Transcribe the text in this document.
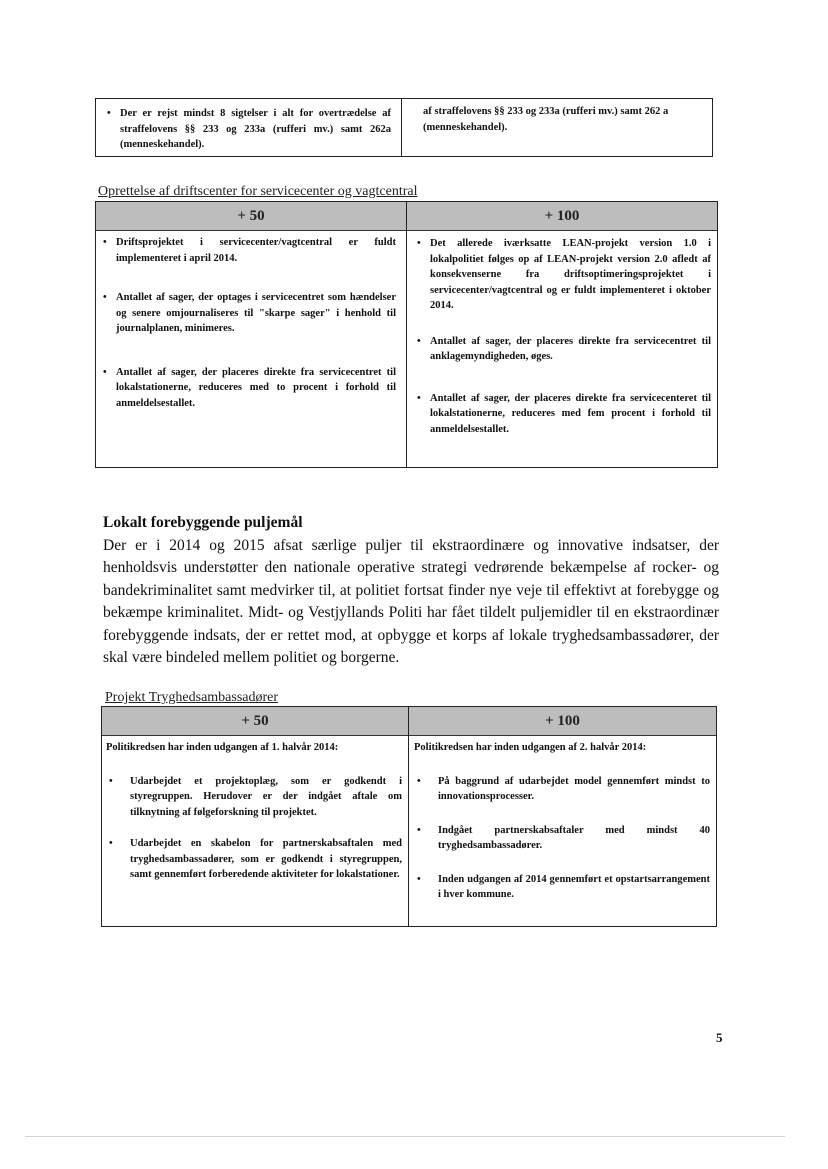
• Der er rejst mindst 8 sigtelser i alt for overtrædelse af straffelovens §§ 233 og 233a (rufferi mv.) samt 262a (menneskehandel).
af straffelovens §§ 233 og 233a (rufferi mv.) samt 262 a (menneskehandel).
Oprettelse af driftscenter for servicecenter og vagtcentral
+ 50	+ 100
• Driftsprojektet i servicecenter/vagtcentral er fuldt implementeret i april 2014.
• Antallet af sager, der optages i servicecentret som hændelser og senere omjournaliseres til "skarpe sager" i henhold til journalplanen, minimeres.
• Antallet af sager, der placeres direkte fra servicecentret til lokalstationerne, reduceres med to procent i forhold til anmeldelsestallet.
• Det allerede iværksatte LEAN-projekt version 1.0 i lokalpolitiet følges op af LEAN-projekt version 2.0 afledt af konsekvenserne fra driftsoptimeringsprojektet i servicecenter/vagtcentral og er fuldt implementeret i oktober 2014.
• Antallet af sager, der placeres direkte fra servicecentret til anklagemyndigheden, øges.
• Antallet af sager, der placeres direkte fra servicecenteret til lokalstationerne, reduceres med fem procent i forhold til anmeldelsestallet.
Lokalt forebyggende puljemål
Der er i 2014 og 2015 afsat særlige puljer til ekstraordinære og innovative indsatser, der henholdsvis understøtter den nationale operative strategi vedrørende bekæmpelse af rocker- og bandekriminalitet samt medvirker til, at politiet fortsat finder nye veje til effektivt at forebygge og bekæmpe kriminalitet. Midt- og Vestjyllands Politi har fået tildelt puljemidler til en ekstraordinær forebyggende indsats, der er rettet mod, at opbygge et korps af lokale tryghedsambassadører, der skal være bindeled mellem politiet og borgerne.
Projekt Tryghedsambassadører
+ 50	+ 100
Politikredsen har inden udgangen af 1. halvår 2014:
• Udarbejdet et projektoplæg, som er godkendt i styregruppen. Herudover er der indgået aftale om tilknytning af følgeforskning til projektet.
• Udarbejdet en skabelon for partnerskabsaftalen med tryghedsambassadører, som er godkendt i styregruppen, samt gennemført forberedende aktiviteter for lokalstationer.
Politikredsen har inden udgangen af 2. halvår 2014:
• På baggrund af udarbejdet model gennemført mindst to innovationsprocesser.
• Indgået partnerskabsaftaler med mindst 40 tryghedsambassadører.
• Inden udgangen af 2014 gennemført et opstartsarrangement i hver kommune.
5
